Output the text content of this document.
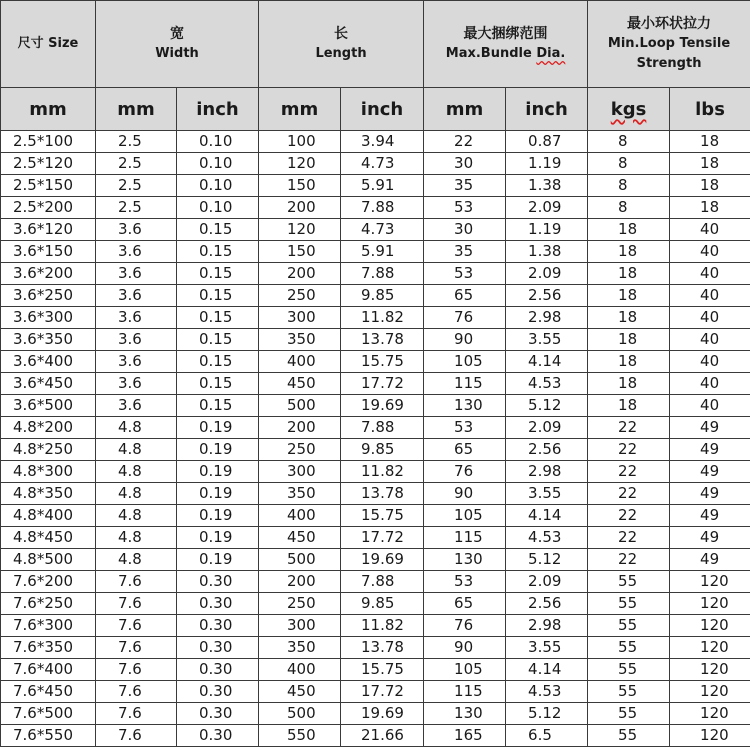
尺寸 Size	宽
Width		长
Length		最大捆绑范围
Max.Bundle Dia.		最小环状拉力
Min.Loop Tensile
Strength	

mm	mm	inch	mm	inch	mm	inch	kgs	lbs
2.5*100	2.5	0.10	100	3.94	22	0.87	8	18
2.5*120	2.5	0.10	120	4.73	30	1.19	8	18
2.5*150	2.5	0.10	150	5.91	35	1.38	8	18
2.5*200	2.5	0.10	200	7.88	53	2.09	8	18
3.6*120	3.6	0.15	120	4.73	30	1.19	18	40
3.6*150	3.6	0.15	150	5.91	35	1.38	18	40
3.6*200	3.6	0.15	200	7.88	53	2.09	18	40
3.6*250	3.6	0.15	250	9.85	65	2.56	18	40
3.6*300	3.6	0.15	300	11.82	76	2.98	18	40
3.6*350	3.6	0.15	350	13.78	90	3.55	18	40
3.6*400	3.6	0.15	400	15.75	105	4.14	18	40
3.6*450	3.6	0.15	450	17.72	115	4.53	18	40
3.6*500	3.6	0.15	500	19.69	130	5.12	18	40
4.8*200	4.8	0.19	200	7.88	53	2.09	22	49
4.8*250	4.8	0.19	250	9.85	65	2.56	22	49
4.8*300	4.8	0.19	300	11.82	76	2.98	22	49
4.8*350	4.8	0.19	350	13.78	90	3.55	22	49
4.8*400	4.8	0.19	400	15.75	105	4.14	22	49
4.8*450	4.8	0.19	450	17.72	115	4.53	22	49
4.8*500	4.8	0.19	500	19.69	130	5.12	22	49
7.6*200	7.6	0.30	200	7.88	53	2.09	55	120
7.6*250	7.6	0.30	250	9.85	65	2.56	55	120
7.6*300	7.6	0.30	300	11.82	76	2.98	55	120
7.6*350	7.6	0.30	350	13.78	90	3.55	55	120
7.6*400	7.6	0.30	400	15.75	105	4.14	55	120
7.6*450	7.6	0.30	450	17.72	115	4.53	55	120
7.6*500	7.6	0.30	500	19.69	130	5.12	55	120
7.6*550	7.6	0.30	550	21.66	165	6.5	55	120
